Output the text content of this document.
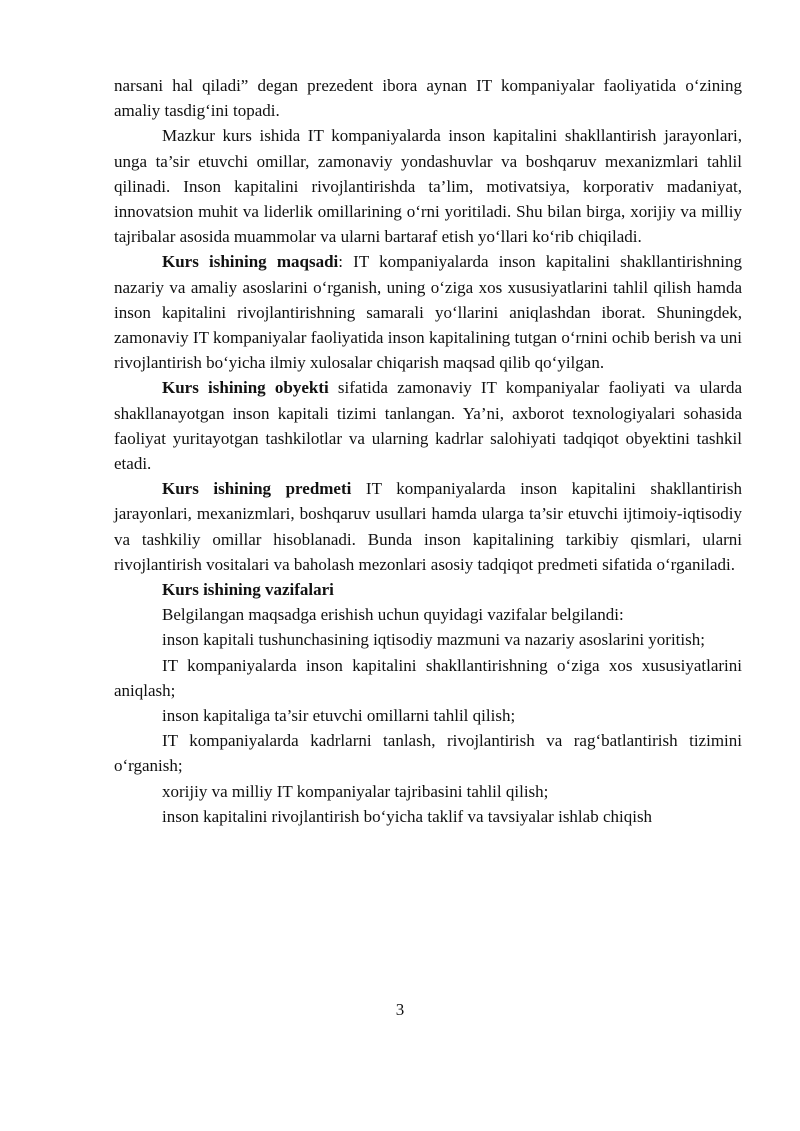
narsani hal qiladi” degan prezedent ibora aynan IT kompaniyalar faoliyatida o‘zining amaliy tasdig‘ini topadi.

Mazkur kurs ishida IT kompaniyalarda inson kapitalini shakllantirish jarayonlari, unga ta’sir etuvchi omillar, zamonaviy yondashuvlar va boshqaruv mexanizmlari tahlil qilinadi. Inson kapitalini rivojlantirishda ta’lim, motivatsiya, korporativ madaniyat, innovatsion muhit va liderlik omillarining o‘rni yoritiladi. Shu bilan birga, xorijiy va milliy tajribalar asosida muammolar va ularni bartaraf etish yo‘llari ko‘rib chiqiladi.

Kurs ishining maqsadi: IT kompaniyalarda inson kapitalini shakllantirishning nazariy va amaliy asoslarini o‘rganish, uning o‘ziga xos xususiyatlarini tahlil qilish hamda inson kapitalini rivojlantirishning samarali yo‘llarini aniqlashdan iborat. Shuningdek, zamonaviy IT kompaniyalar faoliyatida inson kapitalining tutgan o‘rnini ochib berish va uni rivojlantirish bo‘yicha ilmiy xulosalar chiqarish maqsad qilib qo‘yilgan.

Kurs ishining obyekti sifatida zamonaviy IT kompaniyalar faoliyati va ularda shakllanayotgan inson kapitali tizimi tanlangan. Ya’ni, axborot texnologiyalari sohasida faoliyat yuritayotgan tashkilotlar va ularning kadrlar salohiyati tadqiqot obyektini tashkil etadi.

Kurs ishining predmeti IT kompaniyalarda inson kapitalini shakllantirish jarayonlari, mexanizmlari, boshqaruv usullari hamda ularga ta’sir etuvchi ijtimoiy-iqtisodiy va tashkiliy omillar hisoblanadi. Bunda inson kapitalining tarkibiy qismlari, ularni rivojlantirish vositalari va baholash mezonlari asosiy tadqiqot predmeti sifatida o‘rganiladi.

Kurs ishining vazifalari

Belgilangan maqsadga erishish uchun quyidagi vazifalar belgilandi:

inson kapitali tushunchasining iqtisodiy mazmuni va nazariy asoslarini yoritish;

IT kompaniyalarda inson kapitalini shakllantirishning o‘ziga xos xususiyatlarini aniqlash;

inson kapitaliga ta’sir etuvchi omillarni tahlil qilish;

IT kompaniyalarda kadrlarni tanlash, rivojlantirish va rag‘batlantirish tizimini o‘rganish;

xorijiy va milliy IT kompaniyalar tajribasini tahlil qilish;

inson kapitalini rivojlantirish bo‘yicha taklif va tavsiyalar ishlab chiqish

3
